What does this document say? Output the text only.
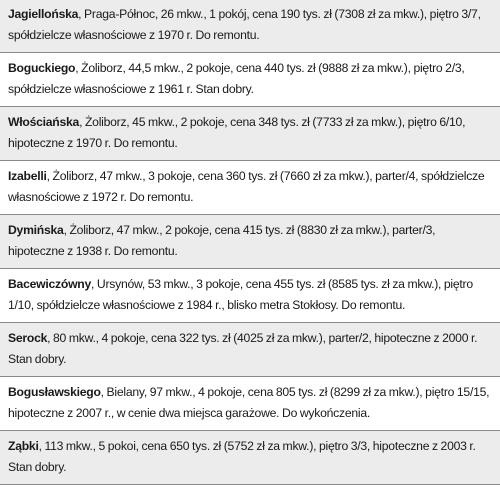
Jagiellońska, Praga-Północ, 26 mkw., 1 pokój, cena 190 tys. zł (7308 zł za mkw.), piętro 3/7, spółdzielcze własnościowe z 1970 r. Do remontu.
Boguckiego, Żoliborz, 44,5 mkw., 2 pokoje, cena 440 tys. zł (9888 zł za mkw.), piętro 2/3, spółdzielcze własnościowe z 1961 r. Stan dobry.
Włościańska, Żoliborz, 45 mkw., 2 pokoje, cena 348 tys. zł (7733 zł za mkw.), piętro 6/10, hipoteczne z 1970 r. Do remontu.
Izabelli, Żoliborz, 47 mkw., 3 pokoje, cena 360 tys. zł (7660 zł za mkw.), parter/4, spółdzielcze własnościowe z 1972 r. Do remontu.
Dymińska, Żoliborz, 47 mkw., 2 pokoje, cena 415 tys. zł (8830 zł za mkw.), parter/3, hipoteczne z 1938 r. Do remontu.
Bacewiczówny, Ursynów, 53 mkw., 3 pokoje, cena 455 tys. zł (8585 tys. zł za mkw.), piętro 1/10, spółdzielcze własnościowe z 1984 r., blisko metra Stokłosy. Do remontu.
Serock, 80 mkw., 4 pokoje, cena 322 tys. zł (4025 zł za mkw.), parter/2, hipoteczne z 2000 r. Stan dobry.
Bogusławskiego, Bielany, 97 mkw., 4 pokoje, cena 805 tys. zł (8299 zł za mkw.), piętro 15/15, hipoteczne z 2007 r., w cenie dwa miejsca garażowe. Do wykończenia.
Ząbki, 113 mkw., 5 pokoi, cena 650 tys. zł (5752 zł za mkw.), piętro 3/3, hipoteczne z 2003 r. Stan dobry.
